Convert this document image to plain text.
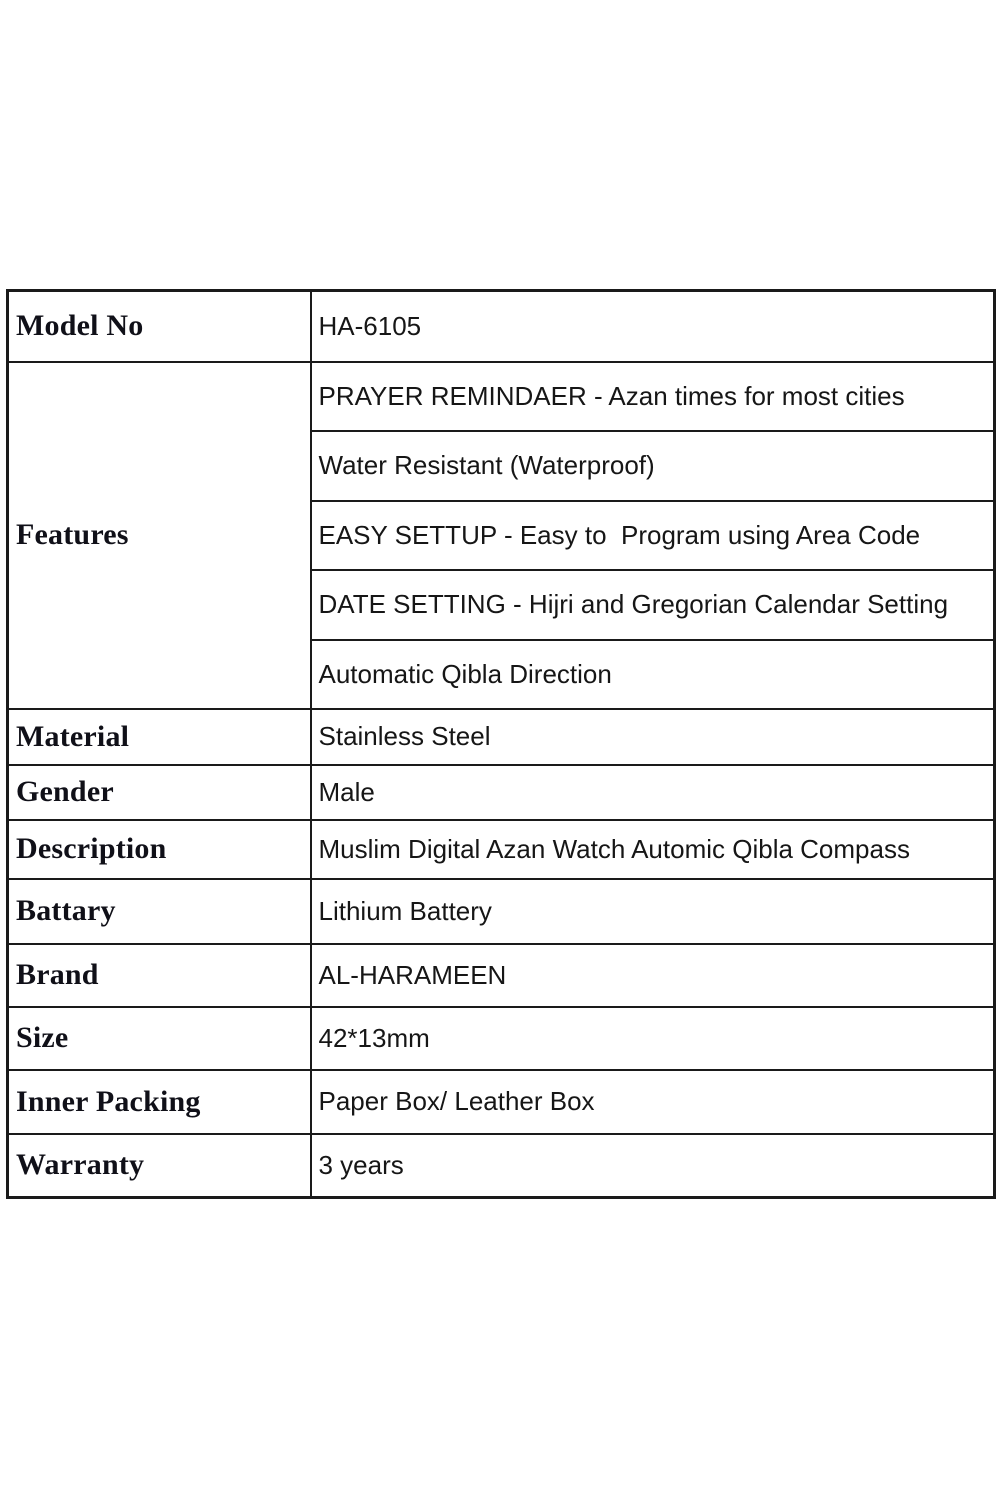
Model No	HA-6105
Features	PRAYER REMINDAER - Azan times for most cities
	Water Resistant (Waterproof)
	EASY SETTUP - Easy to  Program using Area Code
	DATE SETTING - Hijri and Gregorian Calendar Setting
	Automatic Qibla Direction
Material	Stainless Steel
Gender	Male
Description	Muslim Digital Azan Watch Automic Qibla Compass
Battary	Lithium Battery
Brand	AL-HARAMEEN
Size	42*13mm
Inner Packing	Paper Box/ Leather Box
Warranty	3 years
